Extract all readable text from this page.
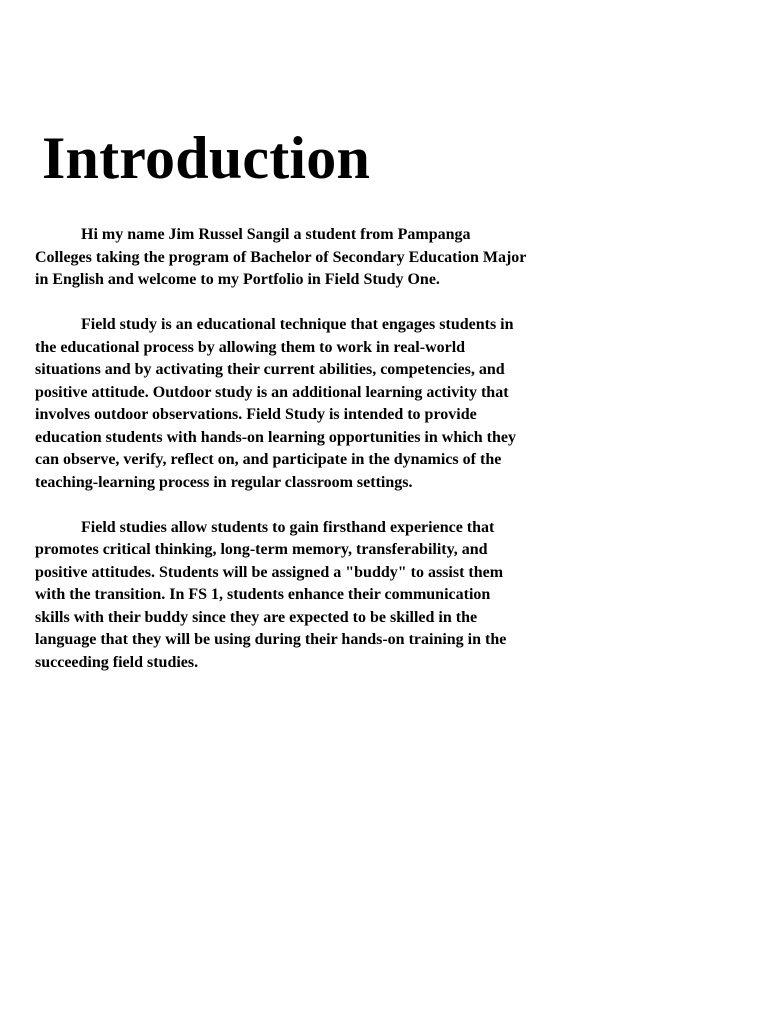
Introduction

Hi my name Jim Russel Sangil a student from Pampanga Colleges taking the program of Bachelor of Secondary Education Major in English and welcome to my Portfolio in Field Study One.

Field study is an educational technique that engages students in the educational process by allowing them to work in real-world situations and by activating their current abilities, competencies, and positive attitude. Outdoor study is an additional learning activity that involves outdoor observations. Field Study is intended to provide education students with hands-on learning opportunities in which they can observe, verify, reflect on, and participate in the dynamics of the teaching-learning process in regular classroom settings.

Field studies allow students to gain firsthand experience that promotes critical thinking, long-term memory, transferability, and positive attitudes. Students will be assigned a "buddy" to assist them with the transition. In FS 1, students enhance their communication skills with their buddy since they are expected to be skilled in the language that they will be using during their hands-on training in the succeeding field studies.
